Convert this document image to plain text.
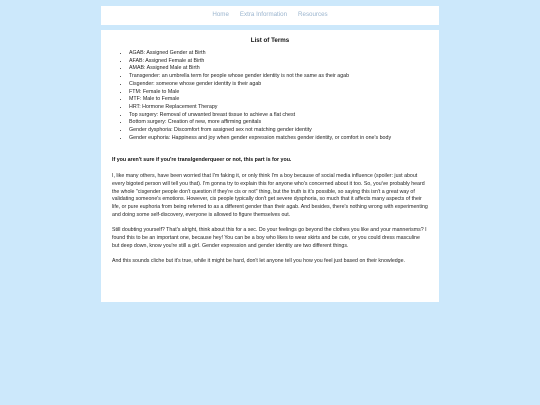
Home Extra Information Resources
List of Terms
• AGAB: Assigned Gender at Birth
• AFAB: Assigned Female at Birth
• AMAB: Assigned Male at Birth
• Transgender: an umbrella term for people whose gender identity is not the same as their agab
• Cisgender: someone whose gender identity is their agab
• FTM: Female to Male
• MTF: Male to Female
• HRT: Hormone Replacement Therapy
• Top surgery: Removal of unwanted breast tissue to achieve a flat chest
• Bottom surgery: Creation of new, more affirming genitals
• Gender dysphoria: Discomfort from assigned sex not matching gender identity
• Gender euphoria: Happiness and joy when gender expression matches gender identity, or comfort in one's body

If you aren't sure if you're translgenderqueer or not, this part is for you.

I, like many others, have been worried that I'm faking it, or only think I'm a boy because of social media influence (spoiler: just about every bigoted person will tell you that). I'm gonna try to explain this for anyone who's concerned about it too. So, you've probably heard the whole "cisgender people don't question if they're cis or not" thing, but the truth is it's possible, so saying this isn't a great way of validating someone's emotions. However, cis people typically don't get severe dysphoria, so much that it affects many aspects of their life, or pure euphoria from being referred to as a different gender than their agab. And besides, there's nothing wrong with experimenting and doing some self-discovery, everyone is allowed to figure themselves out.

Still doubting yourself? That's alright, think about this for a sec. Do your feelings go beyond the clothes you like and your mannerisms? I found this to be an important one, because hey! You can be a boy who likes to wear skirts and be cute, or you could dress masculine but deep down, know you're still a girl. Gender expression and gender identity are two different things.

And this sounds cliche but it's true, while it might be hard, don't let anyone tell you how you feel just based on their knowledge.
